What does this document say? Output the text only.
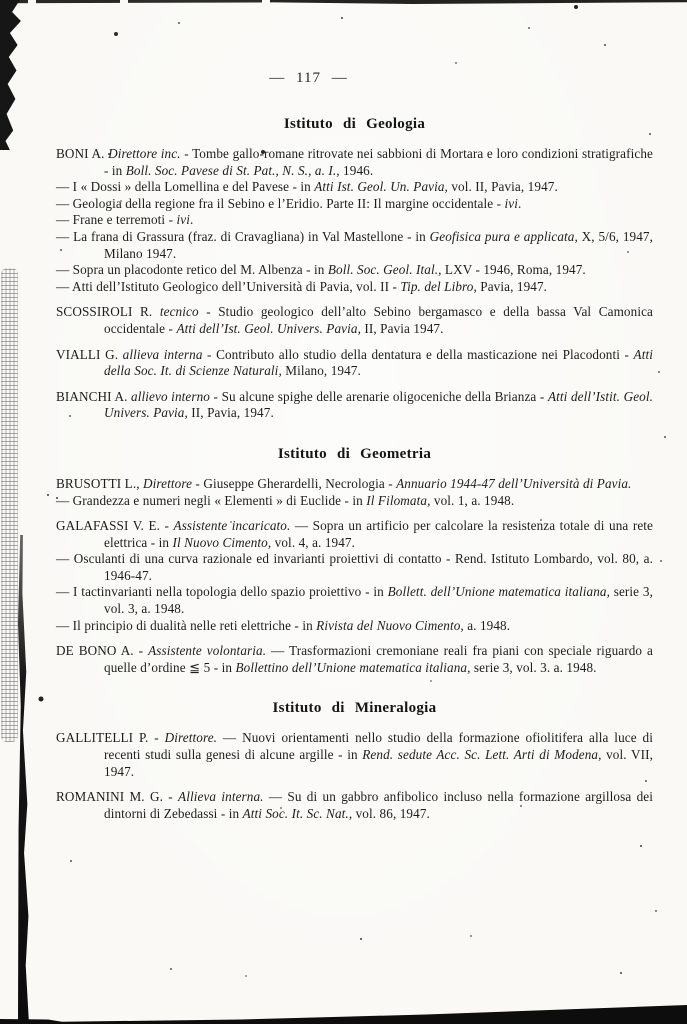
— 117 —

Istituto di Geologia

BONI A. Direttore inc. - Tombe gallo-romane ritrovate nei sabbioni di Mortara e loro condizioni stratigrafiche - in Boll. Soc. Pavese di St. Pat., N. S., a. I., 1946.

— I « Dossi » della Lomellina e del Pavese - in Atti Ist. Geol. Un. Pavia, vol. II, Pavia, 1947.

— Geologia della regione fra il Sebino e l’Eridio. Parte II: Il margine occidentale - ivi.

— Frane e terremoti - ivi.

— La frana di Grassura (fraz. di Cravagliana) in Val Mastellone - in Geofisica pura e applicata, X, 5/6, 1947, Milano 1947.

— Sopra un placodonte retico del M. Albenza - in Boll. Soc. Geol. Ital., LXV - 1946, Roma, 1947.

— Atti dell’Istituto Geologico dell’Università di Pavia, vol. II - Tip. del Libro, Pavia, 1947.

SCOSSIROLI R. tecnico - Studio geologico dell’alto Sebino bergamasco e della bassa Val Camonica occidentale - Atti dell’Ist. Geol. Univers. Pavia, II, Pavia 1947.

VIALLI G. allieva interna - Contributo allo studio della dentatura e della masticazione nei Placodonti - Atti della Soc. It. di Scienze Naturali, Milano, 1947.

BIANCHI A. allievo interno - Su alcune spighe delle arenarie oligoceniche della Brianza - Atti dell’Istit. Geol. Univers. Pavia, II, Pavia, 1947.

Istituto di Geometria

BRUSOTTI L., Direttore - Giuseppe Gherardelli, Necrologia - Annuario 1944-47 dell’Università di Pavia.

— Grandezza e numeri negli « Elementi » di Euclide - in Il Filomata, vol. 1, a. 1948.

GALAFASSI V. E. - Assistente incaricato. — Sopra un artificio per calcolare la resistenza totale di una rete elettrica - in Il Nuovo Cimento, vol. 4, a. 1947.

— Osculanti di una curva razionale ed invarianti proiettivi di contatto - Rend. Istituto Lombardo, vol. 80, a. 1946-47.

— I tactinvarianti nella topologia dello spazio proiettivo - in Bollett. dell’Unione matematica italiana, serie 3, vol. 3, a. 1948.

— Il principio di dualità nelle reti elettriche - in Rivista del Nuovo Cimento, a. 1948.

DE BONO A. - Assistente volontaria. — Trasformazioni cremoniane reali fra piani con speciale riguardo a quelle d’ordine ≦ 5 - in Bollettino dell’Unione matematica italiana, serie 3, vol. 3. a. 1948.

Istituto di Mineralogia

GALLITELLI P. - Direttore. — Nuovi orientamenti nello studio della formazione ofiolitifera alla luce di recenti studi sulla genesi di alcune argille - in Rend. sedute Acc. Sc. Lett. Arti di Modena, vol. VII, 1947.

ROMANINI M. G. - Allieva interna. — Su di un gabbro anfibolico incluso nella formazione argillosa dei dintorni di Zebedassi - in Atti Soc. It. Sc. Nat., vol. 86, 1947.
